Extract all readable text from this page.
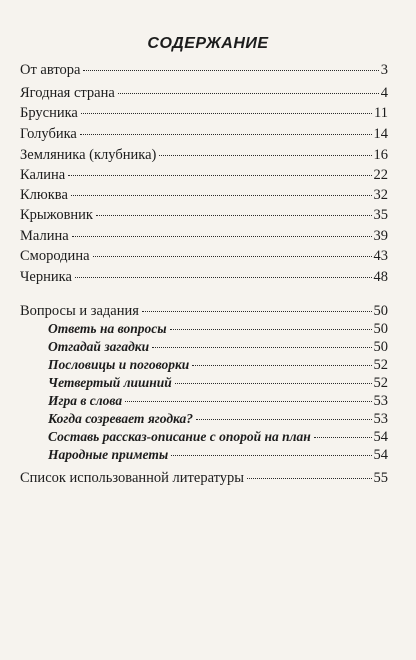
СОДЕРЖАНИЕ
От автора	3
Ягодная страна	4
Брусника	11
Голубика	14
Земляника (клубника)	16
Калина	22
Клюква	32
Крыжовник	35
Малина	39
Смородина	43
Черника	48
Вопросы и задания	50
Ответь на вопросы	50
Отгадай загадки	50
Пословицы и поговорки	52
Четвертый лишний	52
Игра в слова	53
Когда созревает ягодка?	53
Составь рассказ-описание с опорой на план	54
Народные приметы	54
Список использованной литературы	55
